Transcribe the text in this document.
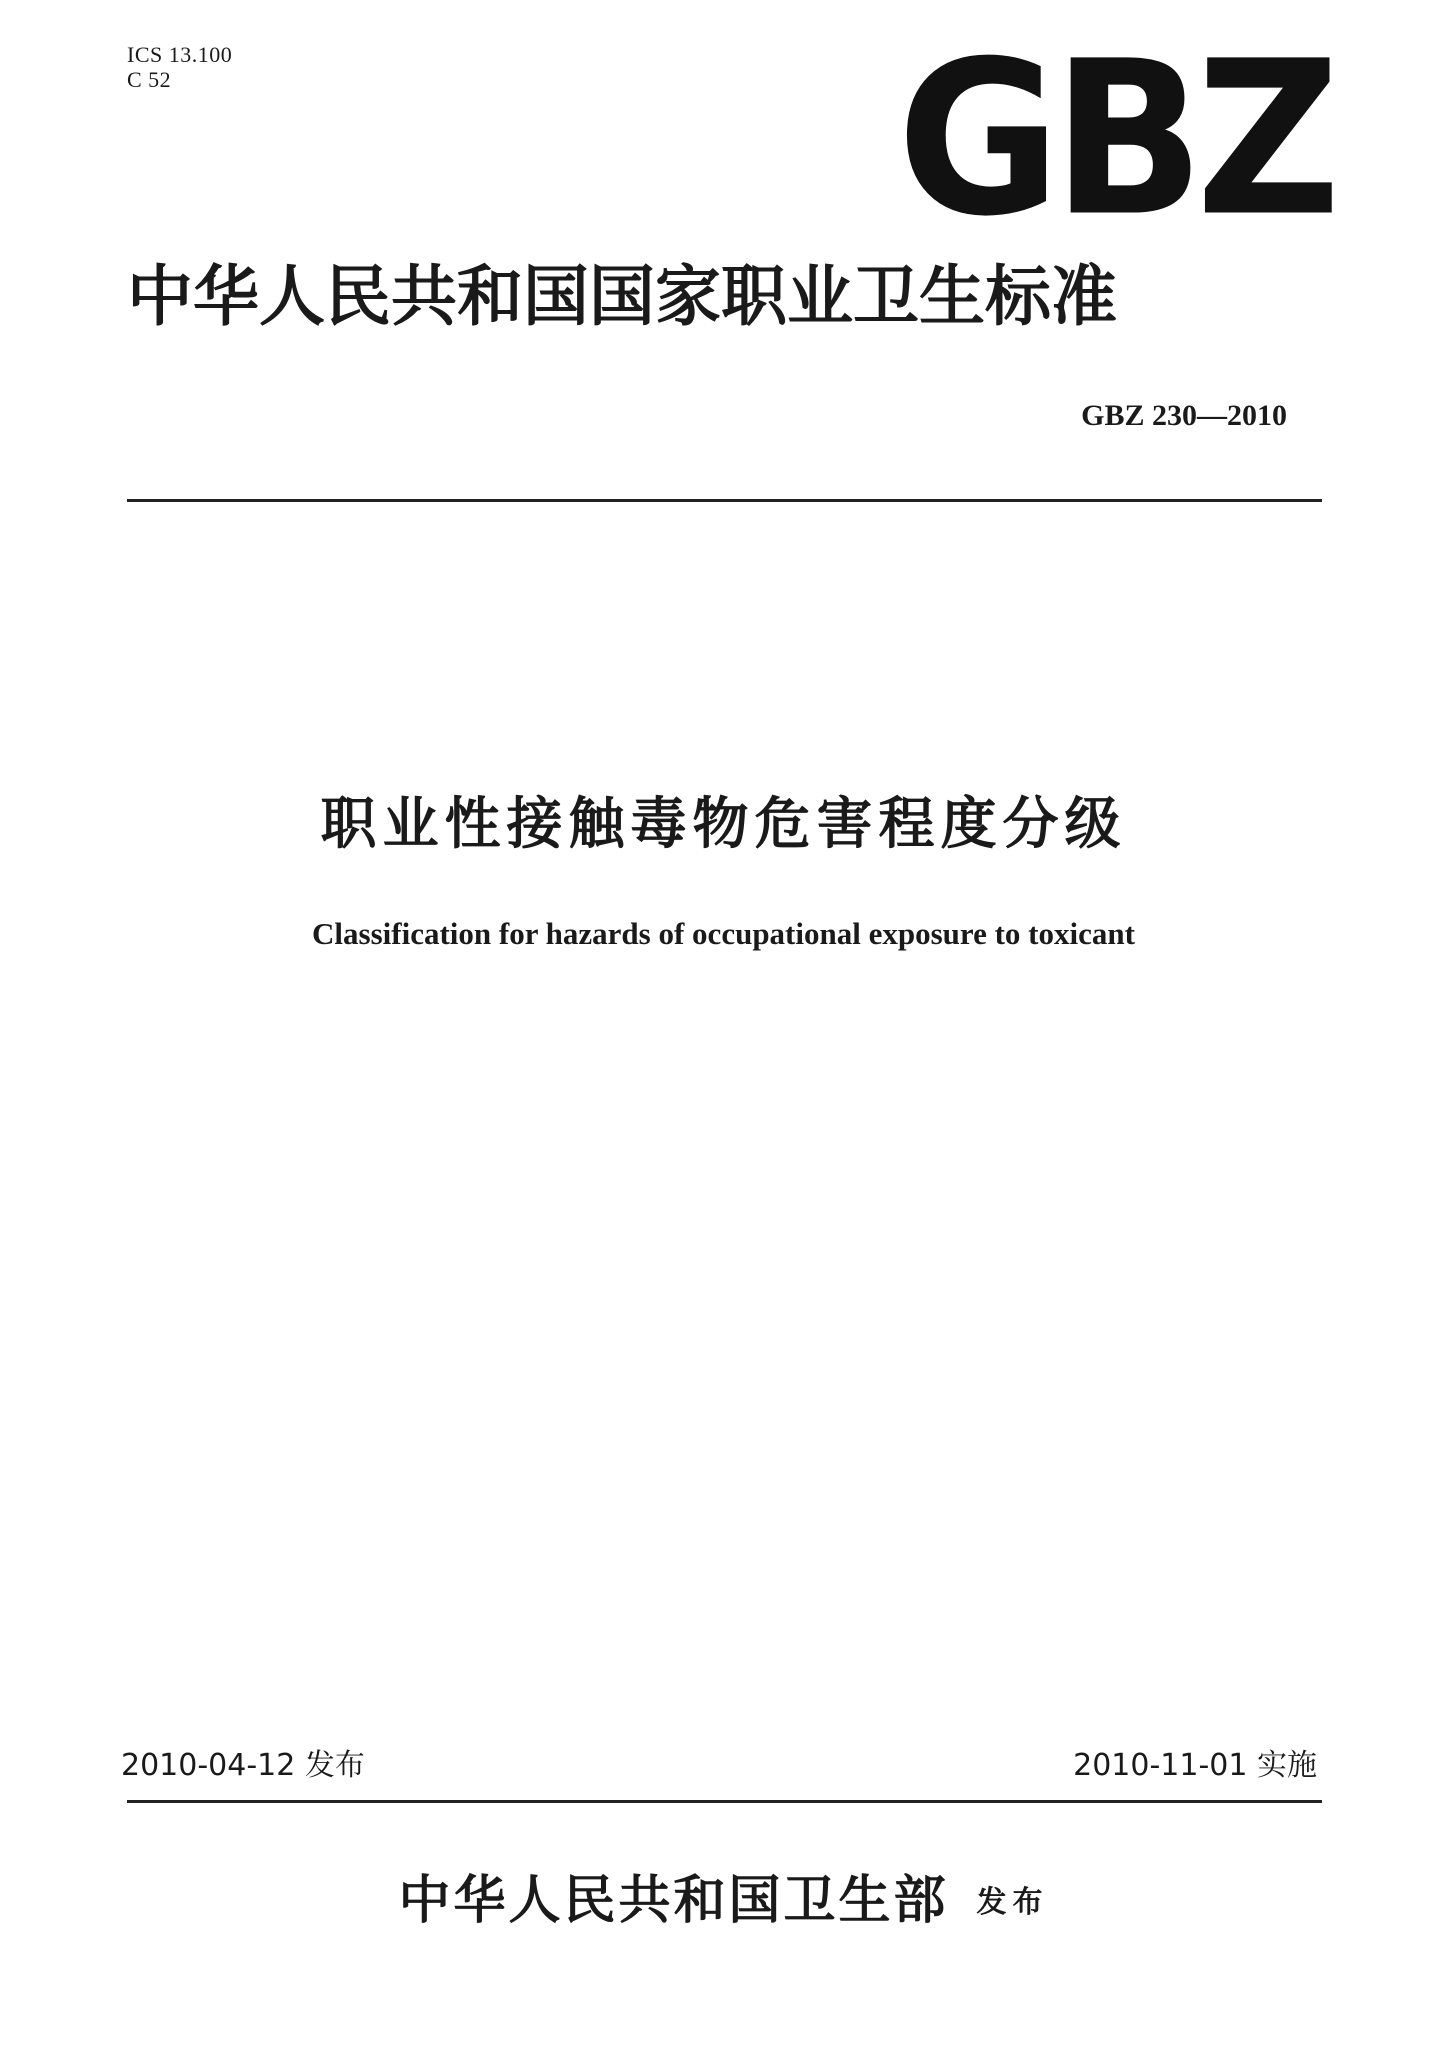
ICS 13.100
C 52	GBZ
中华人民共和国国家职业卫生标准
GBZ 230—2010
职业性接触毒物危害程度分级
Classification for hazards of occupational exposure to toxicant
2010-04-12 发布	2010-11-01 实施
中华人民共和国卫生部 发布
